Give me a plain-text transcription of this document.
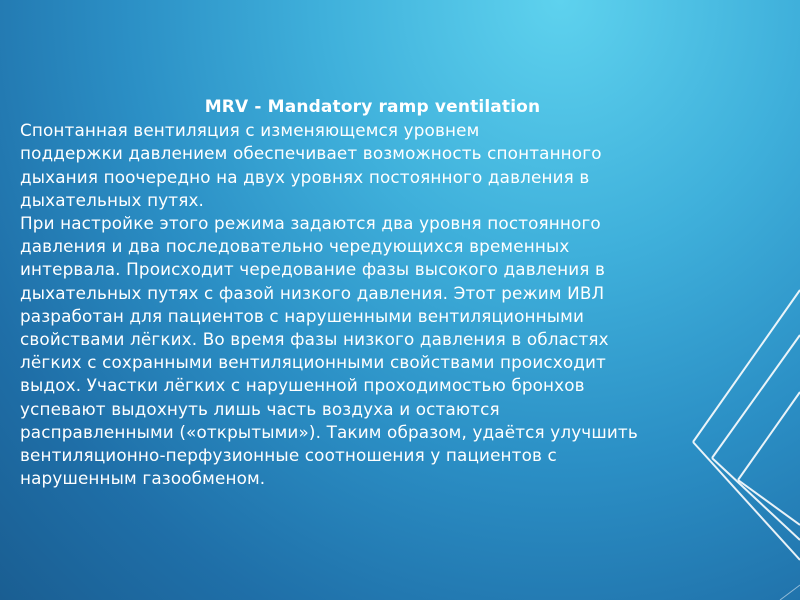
MRV - Mandatory ramp ventilation

Спонтанная вентиляция с изменяющемся уровнем
поддержки давлением обеспечивает возможность спонтанного
дыхания поочередно на двух уровнях постоянного давления в
дыхательных путях.

При настройке этого режима задаются два уровня постоянного
давления и два последовательно чередующихся временных
интервала. Происходит чередование фазы высокого давления в
дыхательных путях с фазой низкого давления. Этот режим ИВЛ
разработан для пациентов с нарушенными вентиляционными
свойствами лёгких. Во время фазы низкого давления в областях
лёгких с сохранными вентиляционными свойствами происходит
выдох. Участки лёгких с нарушенной проходимостью бронхов
успевают выдохнуть лишь часть воздуха и остаются
расправленными («открытыми»). Таким образом, удаётся улучшить
вентиляционно-перфузионные соотношения у пациентов с
нарушенным газообменом.
